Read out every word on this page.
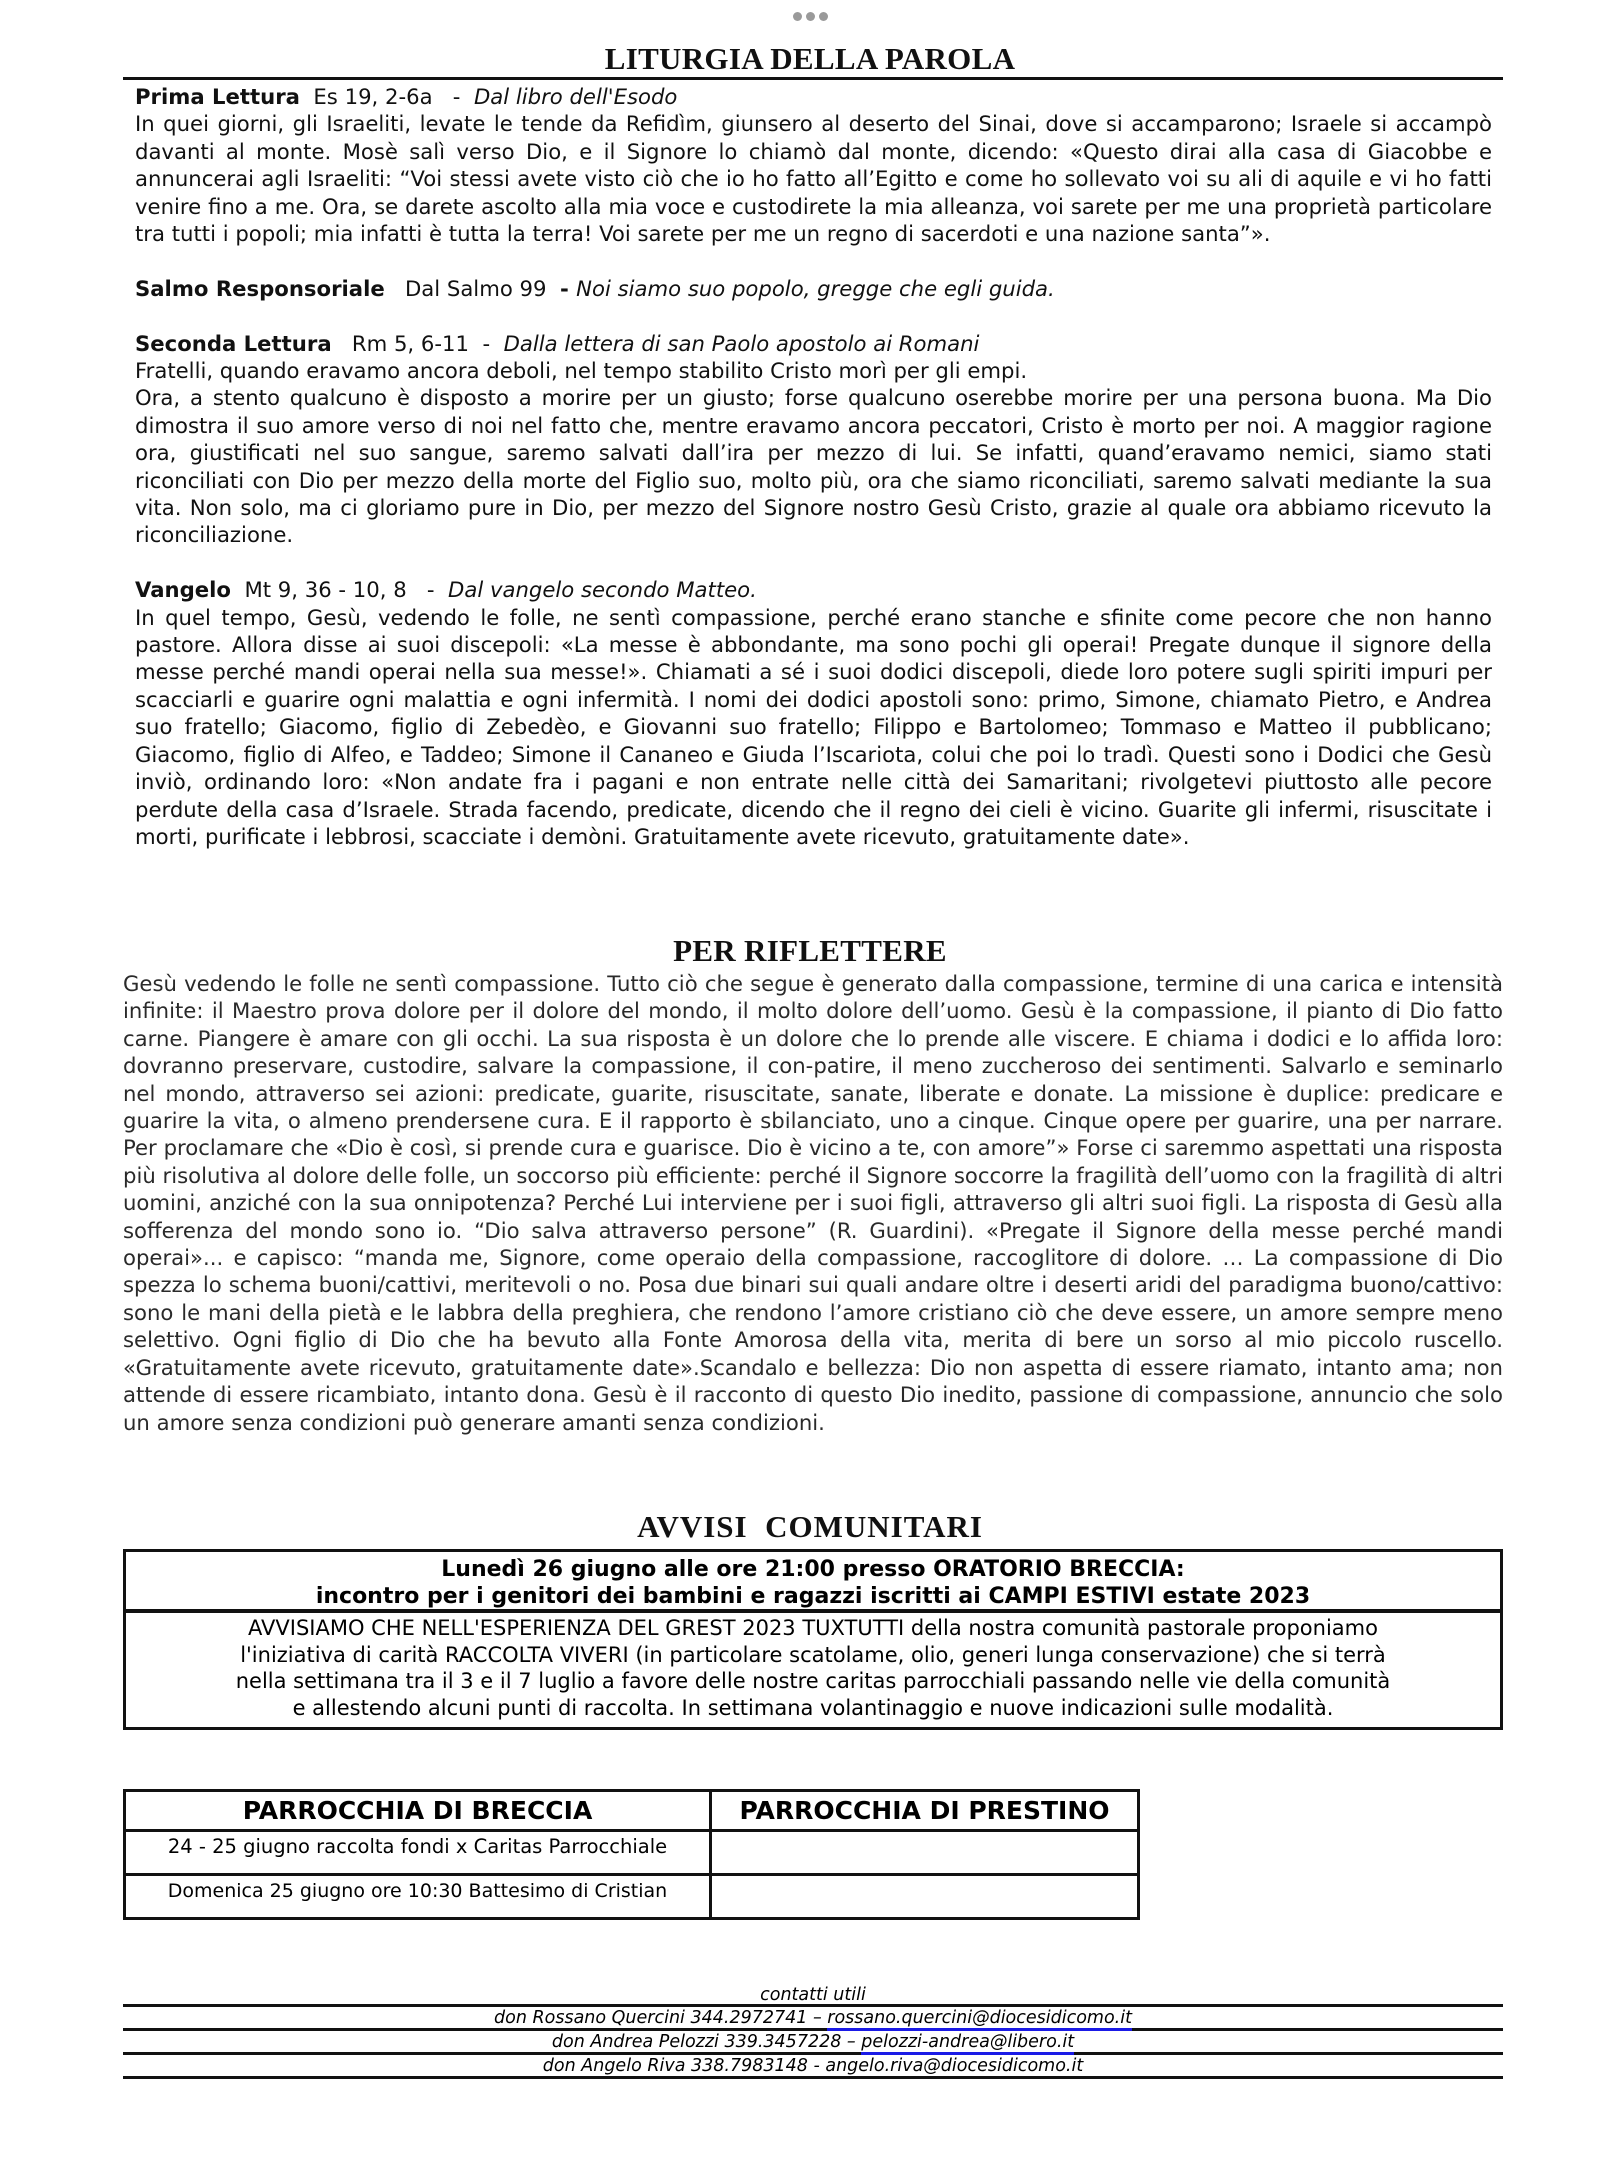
LITURGIA DELLA PAROLA
Prima Lettura  Es 19, 2-6a   -  Dal libro dell'Esodo

In quei giorni, gli Israeliti, levate le tende da Refidìm, giunsero al deserto del Sinai, dove si accamparono; Israele si accampò davanti al monte. Mosè salì verso Dio, e il Signore lo chiamò dal monte, dicendo: «Questo dirai alla casa di Giacobbe e annuncerai agli Israeliti: “Voi stessi avete visto ciò che io ho fatto all’Egitto e come ho sollevato voi su ali di aquile e vi ho fatti venire fino a me. Ora, se darete ascolto alla mia voce e custodirete la mia alleanza, voi sarete per me una proprietà particolare tra tutti i popoli; mia infatti è tutta la terra! Voi sarete per me un regno di sacerdoti e una nazione santa”».

Salmo Responsoriale   Dal Salmo 99  - Noi siamo suo popolo, gregge che egli guida.
Seconda Lettura   Rm 5, 6-11  -  Dalla lettera di san Paolo apostolo ai Romani

Fratelli, quando eravamo ancora deboli, nel tempo stabilito Cristo morì per gli empi.

Ora, a stento qualcuno è disposto a morire per un giusto; forse qualcuno oserebbe morire per una persona buona. Ma Dio dimostra il suo amore verso di noi nel fatto che, mentre eravamo ancora peccatori, Cristo è morto per noi. A maggior ragione ora, giustificati nel suo sangue, saremo salvati dall’ira per mezzo di lui. Se infatti, quand’eravamo nemici, siamo stati riconciliati con Dio per mezzo della morte del Figlio suo, molto più, ora che siamo riconciliati, saremo salvati mediante la sua vita. Non solo, ma ci gloriamo pure in Dio, per mezzo del Signore nostro Gesù Cristo, grazie al quale ora abbiamo ricevuto la riconciliazione.

Vangelo  Mt 9, 36 - 10, 8   -  Dal vangelo secondo Matteo.

In quel tempo, Gesù, vedendo le folle, ne sentì compassione, perché erano stanche e sfinite come pecore che non hanno pastore. Allora disse ai suoi discepoli: «La messe è abbondante, ma sono pochi gli operai! Pregate dunque il signore della messe perché mandi operai nella sua messe!». Chiamati a sé i suoi dodici discepoli, diede loro potere sugli spiriti impuri per scacciarli e guarire ogni malattia e ogni infermità. I nomi dei dodici apostoli sono: primo, Simone, chiamato Pietro, e Andrea suo fratello; Giacomo, figlio di Zebedèo, e Giovanni suo fratello; Filippo e Bartolomeo; Tommaso e Matteo il pubblicano; Giacomo, figlio di Alfeo, e Taddeo; Simone il Cananeo e Giuda l’Iscariota, colui che poi lo tradì. Questi sono i Dodici che Gesù inviò, ordinando loro: «Non andate fra i pagani e non entrate nelle città dei Samaritani; rivolgetevi piuttosto alle pecore perdute della casa d’Israele. Strada facendo, predicate, dicendo che il regno dei cieli è vicino. Guarite gli infermi, risuscitate i morti, purificate i lebbrosi, scacciate i demòni. Gratuitamente avete ricevuto, gratuitamente date».

PER RIFLETTERE

Gesù vedendo le folle ne sentì compassione. Tutto ciò che segue è generato dalla compassione, termine di una carica e intensità infinite: il Maestro prova dolore per il dolore del mondo, il molto dolore dell’uomo. Gesù è la compassione, il pianto di Dio fatto carne. Piangere è amare con gli occhi. La sua risposta è un dolore che lo prende alle viscere. E chiama i dodici e lo affida loro: dovranno preservare, custodire, salvare la compassione, il con-patire, il meno zuccheroso dei sentimenti. Salvarlo e seminarlo nel mondo, attraverso sei azioni: predicate, guarite, risuscitate, sanate, liberate e donate. La missione è duplice: predicare e guarire la vita, o almeno prendersene cura. E il rapporto è sbilanciato, uno a cinque. Cinque opere per guarire, una per narrare. Per proclamare che «Dio è così, si prende cura e guarisce. Dio è vicino a te, con amore”» Forse ci saremmo aspettati una risposta più risolutiva al dolore delle folle, un soccorso più efficiente: perché il Signore soccorre la fragilità dell’uomo con la fragilità di altri uomini, anziché con la sua onnipotenza? Perché Lui interviene per i suoi figli, attraverso gli altri suoi figli. La risposta di Gesù alla sofferenza del mondo sono io. “Dio salva attraverso persone” (R. Guardini). «Pregate il Signore della messe perché mandi operai»... e capisco: “manda me, Signore, come operaio della compassione, raccoglitore di dolore. … La compassione di Dio spezza lo schema buoni/cattivi, meritevoli o no. Posa due binari sui quali andare oltre i deserti aridi del paradigma buono/cattivo: sono le mani della pietà e le labbra della preghiera, che rendono l’amore cristiano ciò che deve essere, un amore sempre meno selettivo. Ogni figlio di Dio che ha bevuto alla Fonte Amorosa della vita, merita di bere un sorso al mio piccolo ruscello. «Gratuitamente avete ricevuto, gratuitamente date».Scandalo e bellezza: Dio non aspetta di essere riamato, intanto ama; non attende di essere ricambiato, intanto dona. Gesù è il racconto di questo Dio inedito, passione di compassione, annuncio che solo un amore senza condizioni può generare amanti senza condizioni.

AVVISI  COMUNITARI
Lunedì 26 giugno alle ore 21:00 presso ORATORIO BRECCIA:
incontro per i genitori dei bambini e ragazzi iscritti ai CAMPI ESTIVI estate 2023
AVVISIAMO CHE NELL'ESPERIENZA DEL GREST 2023 TUXTUTTI della nostra comunità pastorale proponiamo
l'iniziativa di carità RACCOLTA VIVERI (in particolare scatolame, olio, generi lunga conservazione) che si terrà
nella settimana tra il 3 e il 7 luglio a favore delle nostre caritas parrocchiali passando nelle vie della comunità
e allestendo alcuni punti di raccolta. In settimana volantinaggio e nuove indicazioni sulle modalità.
PARROCCHIA DI BRECCIA	PARROCCHIA DI PRESTINO
24 - 25 giugno raccolta fondi x Caritas Parrocchiale	
Domenica 25 giugno ore 10:30 Battesimo di Cristian	
contatti utili
don Rossano Quercini 344.2972741 – rossano.quercini@diocesidicomo.it
don Andrea Pelozzi 339.3457228 – pelozzi-andrea@libero.it
don Angelo Riva 338.7983148 - angelo.riva@diocesidicomo.it
